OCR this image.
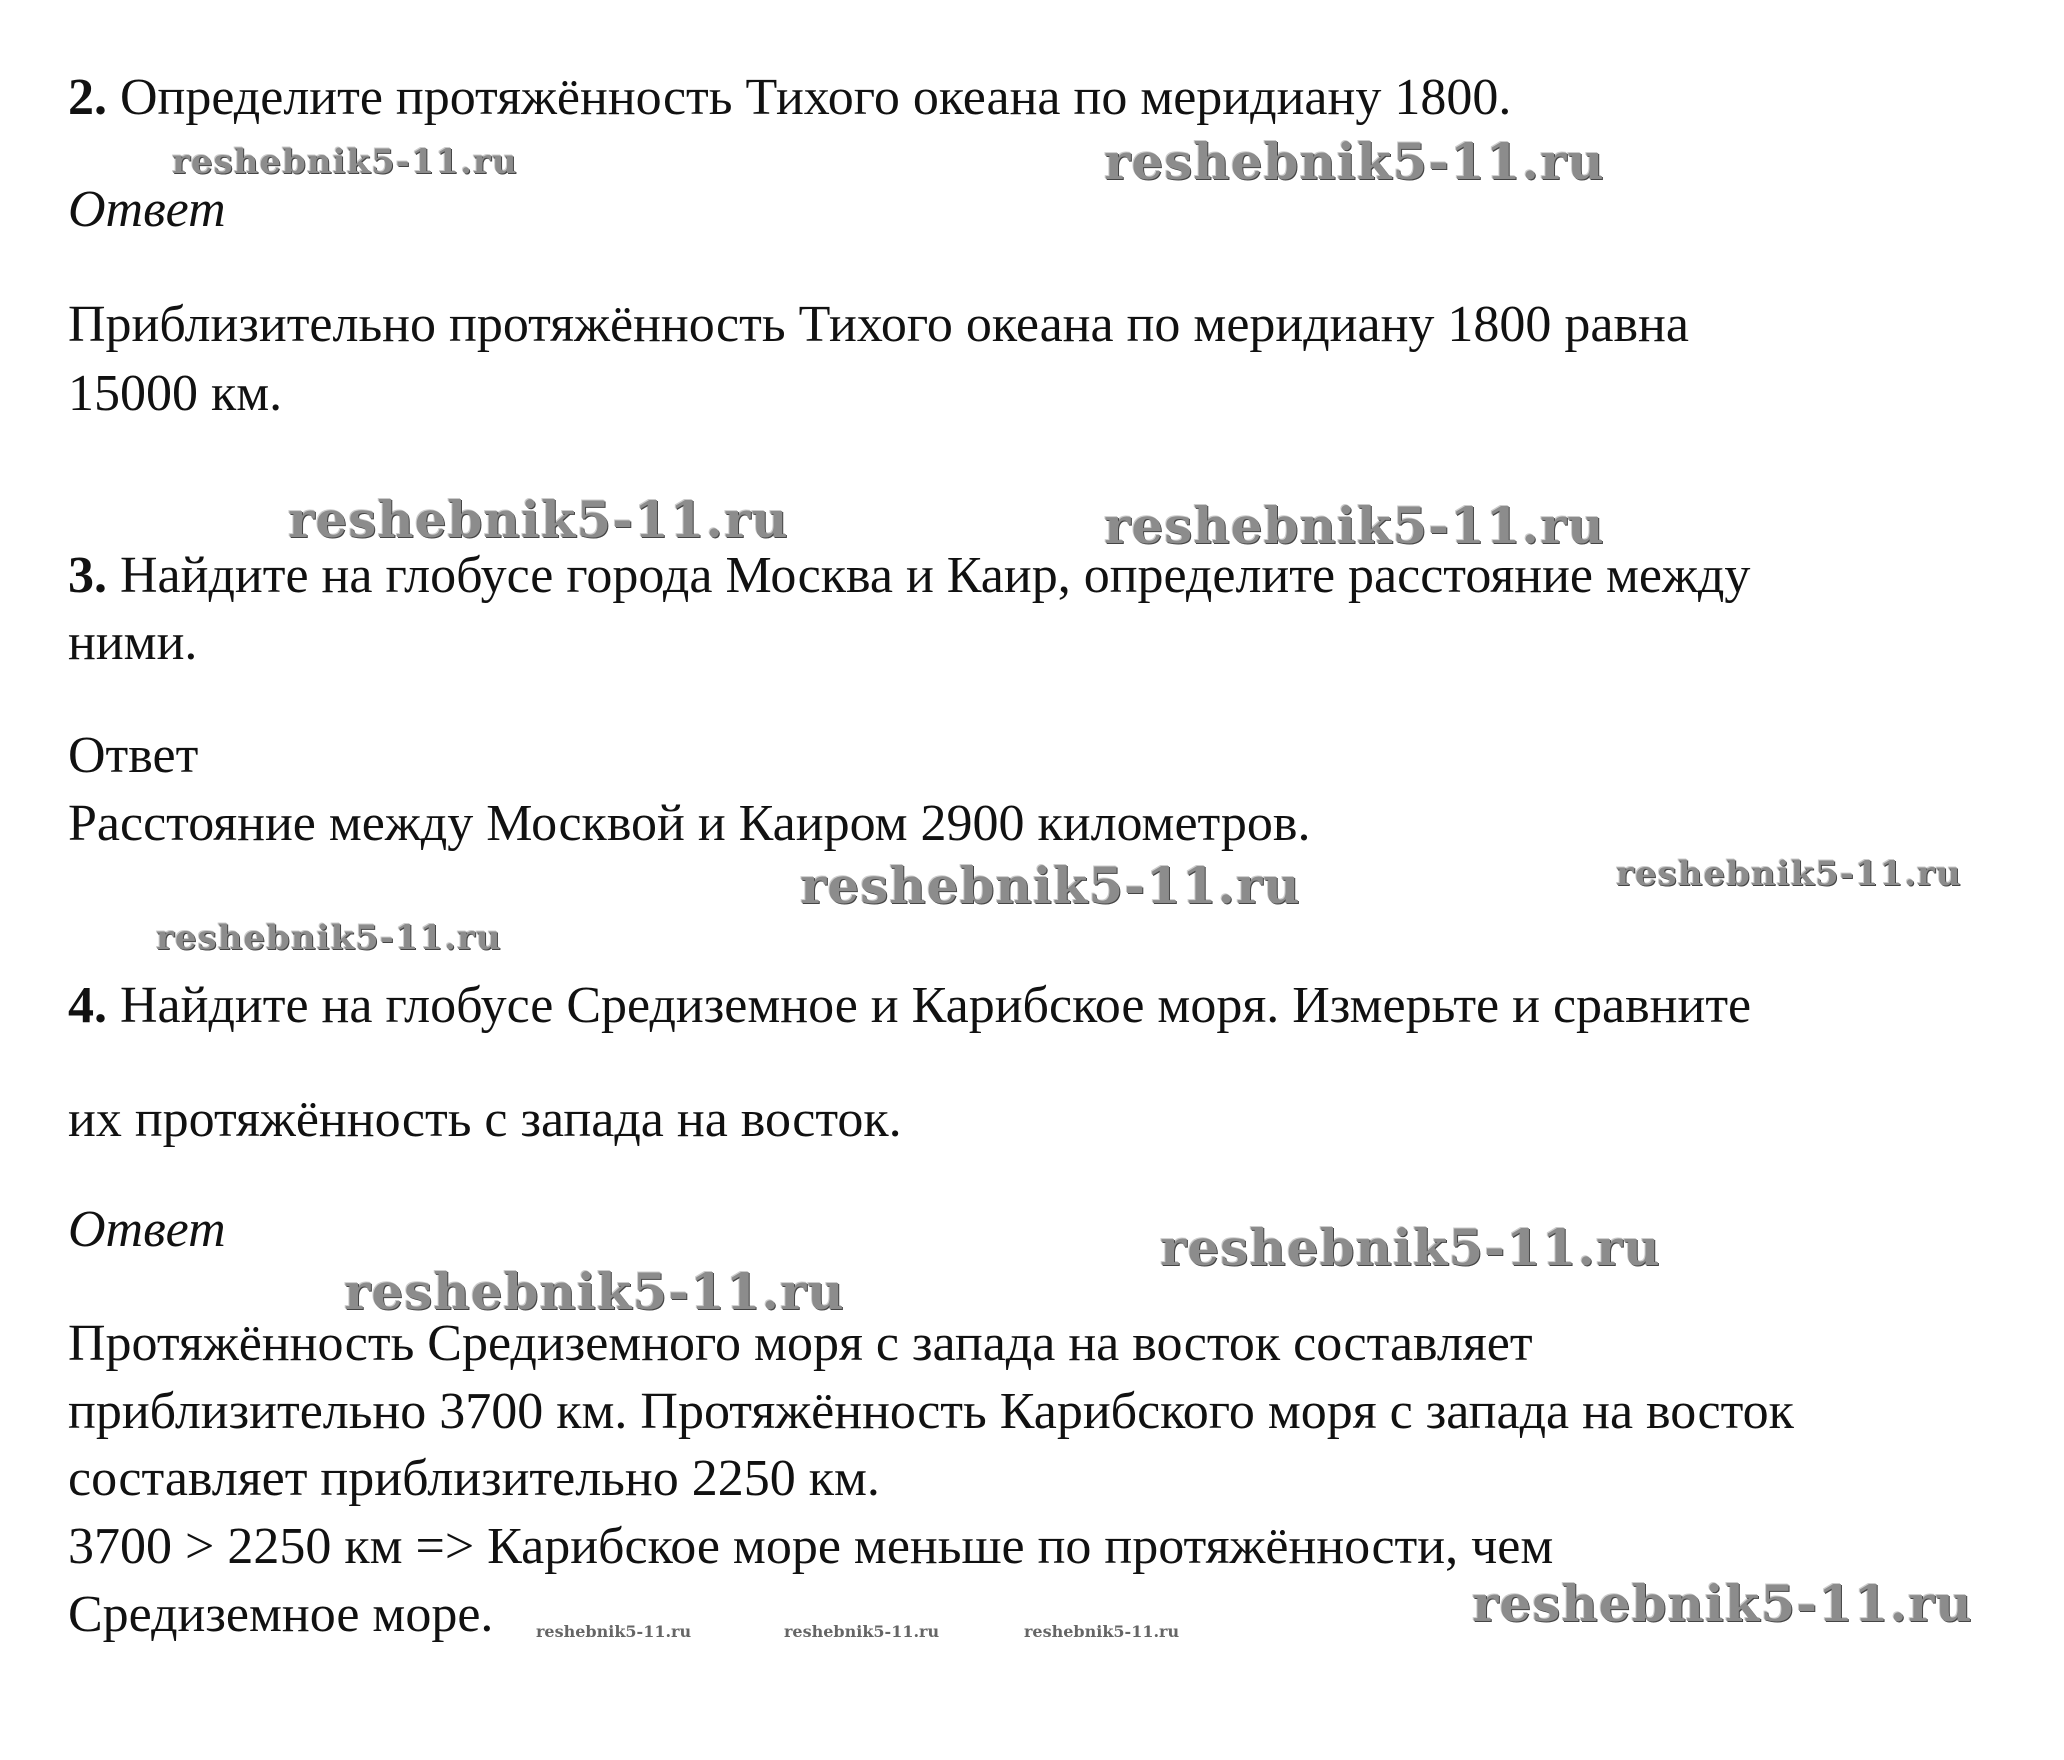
2. Определите протяжённость Тихого океана по меридиану 1800.
Ответ
Приблизительно протяжённость Тихого океана по меридиану 1800 равна
15000 км.
3. Найдите на глобусе города Москва и Каир, определите расстояние между
ними.
Ответ
Расстояние между Москвой и Каиром 2900 километров.
4. Найдите на глобусе Средиземное и Карибское моря. Измерьте и сравните
их протяжённость с запада на восток.
Ответ
Протяжённость Средиземного моря с запада на восток составляет
приблизительно 3700 км. Протяжённость Карибского моря с запада на восток
составляет приблизительно 2250 км.
3700 > 2250 км => Карибское море меньше по протяжённости, чем
Средиземное море.
reshebnik5-11.ru	reshebnik5-11.ru
reshebnik5-11.ru	reshebnik5-11.ru
reshebnik5-11.ru	reshebnik5-11.ru
reshebnik5-11.ru
reshebnik5-11.ru
reshebnik5-11.ru
reshebnik5-11.ru	reshebnik5-11.ru	reshebnik5-11.ru	reshebnik5-11.ru
